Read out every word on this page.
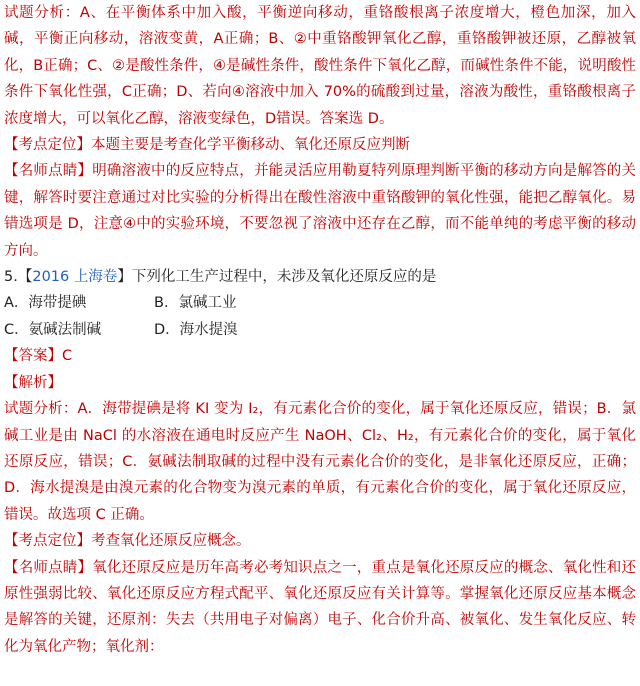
试题分析：A、在平衡体系中加入酸，平衡逆向移动，重铬酸根离子浓度增大，橙色加深，加入碱，平衡正向移动，溶液变黄，A正确；B、②中重铬酸钾氧化乙醇，重铬酸钾被还原，乙醇被氧化，B正确；C、②是酸性条件，④是碱性条件，酸性条件下氧化乙醇，而碱性条件不能，说明酸性条件下氧化性强，C正确；D、若向④溶液中加入 70%的硫酸到过量，溶液为酸性，重铬酸根离子浓度增大，可以氧化乙醇，溶液变绿色，D错误。答案选 D。

【考点定位】本题主要是考查化学平衡移动、氧化还原反应判断

【名师点睛】明确溶液中的反应特点，并能灵活应用勒夏特列原理判断平衡的移动方向是解答的关键，解答时要注意通过对比实验的分析得出在酸性溶液中重铬酸钾的氧化性强，能把乙醇氧化。易错选项是 D，注意④中的实验环境，不要忽视了溶液中还存在乙醇，而不能单纯的考虑平衡的移动方向。

5.【2016 上海卷】下列化工生产过程中，未涉及氧化还原反应的是

A．海带提碘	B．氯碱工业
C．氨碱法制碱	D．海水提溴

【答案】C

【解析】

试题分析：A．海带提碘是将 KI 变为 I₂，有元素化合价的变化，属于氧化还原反应，错误；B．氯碱工业是由 NaCl 的水溶液在通电时反应产生 NaOH、Cl₂、H₂，有元素化合价的变化，属于氧化还原反应，错误；C．氨碱法制取碱的过程中没有元素化合价的变化，是非氧化还原反应，正确；D．海水提溴是由溴元素的化合物变为溴元素的单质，有元素化合价的变化，属于氧化还原反应，错误。故选项 C 正确。

【考点定位】考查氧化还原反应概念。

【名师点睛】氧化还原反应是历年高考必考知识点之一，重点是氧化还原反应的概念、氧化性和还原性强弱比较、氧化还原反应方程式配平、氧化还原反应有关计算等。掌握氧化还原反应基本概念是解答的关键，还原剂：失去（共用电子对偏离）电子、化合价升高、被氧化、发生氧化反应、转化为氧化产物；氧化剂：
